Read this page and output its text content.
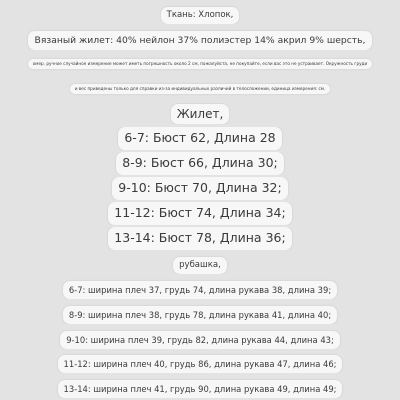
Ткань: Хлопок,
Вязаный жилет: 40% нейлон 37% полиэстер 14% акрил 9% шерсть,
омер. ручное случайное измерение может иметь погрешность около 2 см, пожалуйста, не покупайте, если вас это не устраивает. Окружность груди
и вес приведены только для справки из-за индивидуальных различий в телосложении, единица измерения: см.
Жилет,
6-7: Бюст 62, Длина 28
8-9: Бюст 66, Длина 30;
9-10: Бюст 70, Длина 32;
11-12: Бюст 74, Длина 34;
13-14: Бюст 78, Длина 36;
рубашка,
6-7: ширина плеч 37, грудь 74, длина рукава 38, длина 39;
8-9: ширина плеч 38, грудь 78, длина рукава 41, длина 40;
9-10: ширина плеч 39, грудь 82, длина рукава 44, длина 43;
11-12: ширина плеч 40, грудь 86, длина рукава 47, длина 46;
13-14: ширина плеч 41, грудь 90, длина рукава 49, длина 49;
